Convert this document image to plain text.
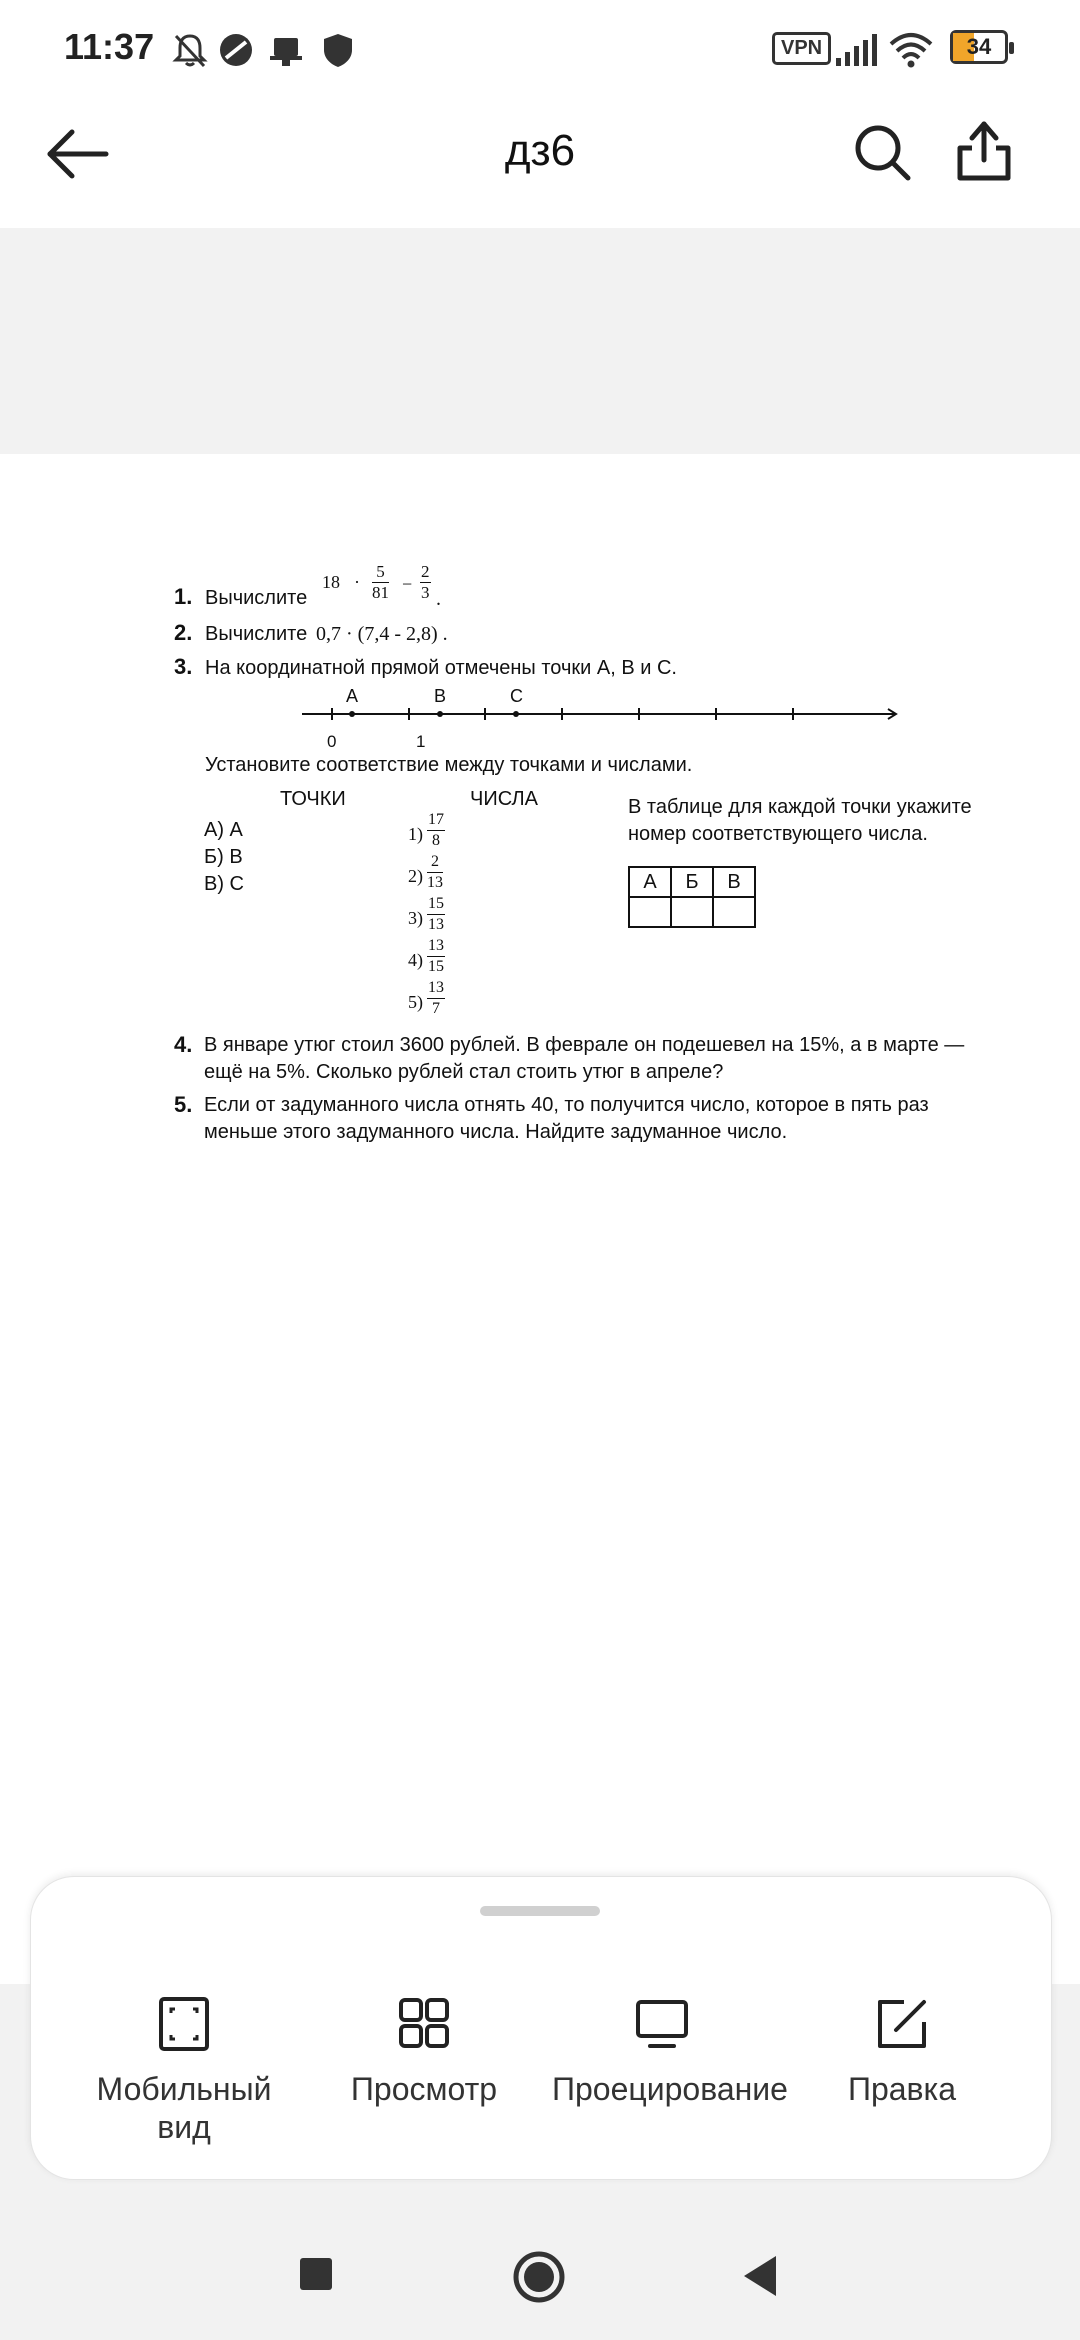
11:37	VPN	34
дз6
1. Вычислите
$18 \cdot \frac{5}{81} - \frac{2}{3}$ .
2. Вычислите 0,7 · (7,4 - 2,8) .
3. На координатной прямой отмечены точки A, B и C.
A	B	C
0	1
Установите соответствие между точками и числами.
ТОЧКИ	ЧИСЛА
А) A
Б) B
В) C
$1) \frac{17}{8}$
$2) \frac{2}{13}$
$3) \frac{15}{13}$
$4) \frac{13}{15}$
$5) \frac{13}{7}$
В таблице для каждой точки укажите
номер соответствующего числа.
А	Б	В

4. В январе утюг стоил 3600 рублей. В феврале он подешевел на 15%, а в марте —
ещё на 5%. Сколько рублей стал стоить утюг в апреле?
5. Если от задуманного числа отнять 40, то получится число, которое в пять раз
меньше этого задуманного числа. Найдите задуманное число.
Мобильный вид
Просмотр	Проецирование	Правка
